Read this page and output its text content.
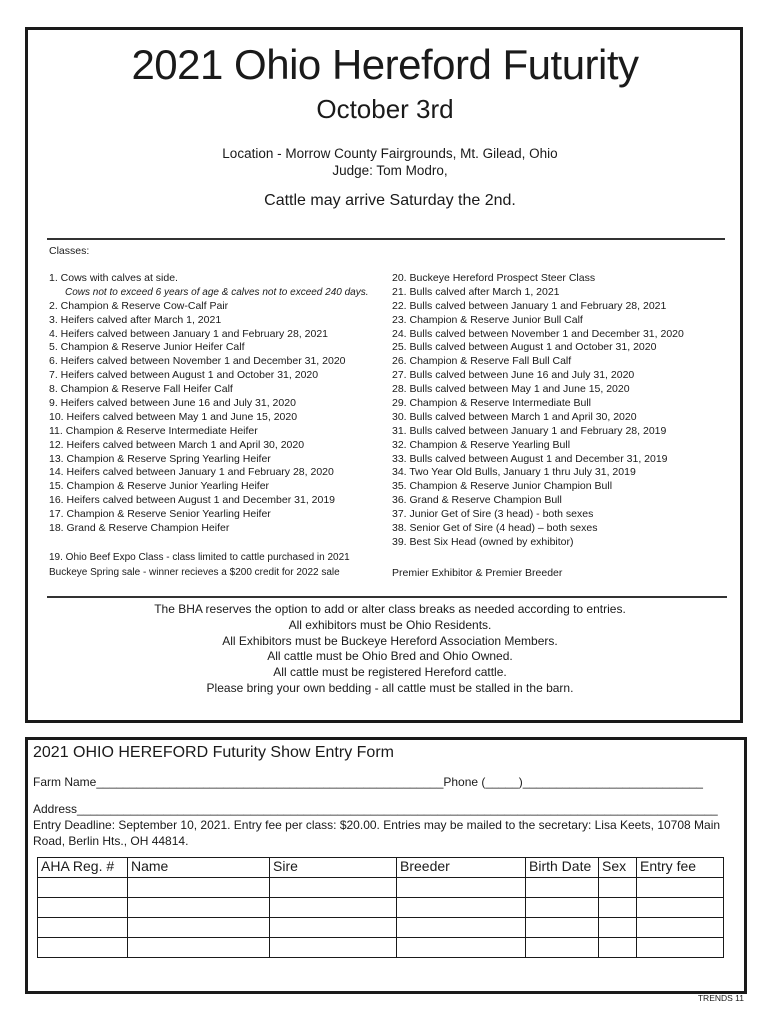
2021 Ohio Hereford Futurity
October 3rd
Location - Morrow County Fairgrounds, Mt. Gilead, Ohio
Judge: Tom Modro,
Cattle may arrive Saturday the 2nd.
Classes:
1. Cows with calves at side.
Cows not to exceed 6 years of age & calves not to exceed 240 days.
2. Champion & Reserve Cow-Calf Pair
3. Heifers calved after March 1, 2021
4. Heifers calved between January 1 and February 28, 2021
5. Champion & Reserve Junior Heifer Calf
6. Heifers calved between November 1 and December 31, 2020
7. Heifers calved between August 1 and October 31, 2020
8. Champion & Reserve Fall Heifer Calf
9. Heifers calved between June 16 and July 31, 2020
10. Heifers calved between May 1 and June 15, 2020
11. Champion & Reserve Intermediate Heifer
12. Heifers calved between March 1 and April 30, 2020
13. Champion & Reserve Spring Yearling Heifer
14. Heifers calved between January 1 and February 28, 2020
15. Champion & Reserve Junior Yearling Heifer
16. Heifers calved between August 1 and December 31, 2019
17. Champion & Reserve Senior Yearling Heifer
18. Grand & Reserve Champion Heifer
20. Buckeye Hereford Prospect Steer Class
21. Bulls calved after March 1, 2021
22. Bulls calved between January 1 and February 28, 2021
23. Champion & Reserve Junior Bull Calf
24. Bulls calved between November 1 and December 31, 2020
25. Bulls calved between August 1 and October 31, 2020
26. Champion & Reserve Fall Bull Calf
27. Bulls calved between June 16 and July 31, 2020
28. Bulls calved between May 1 and June 15, 2020
29. Champion & Reserve Intermediate Bull
30. Bulls calved between March 1 and April 30, 2020
31. Bulls calved between January 1 and February 28, 2019
32. Champion & Reserve Yearling Bull
33. Bulls calved between August 1 and December 31, 2019
34. Two Year Old Bulls, January 1 thru July 31, 2019
35. Champion & Reserve Junior Champion Bull
36. Grand & Reserve Champion Bull
37. Junior Get of Sire (3 head) - both sexes
38. Senior Get of Sire (4 head) – both sexes
39. Best Six Head (owned by exhibitor)
19. Ohio Beef Expo Class - class limited to cattle purchased in 2021
Buckeye Spring sale - winner recieves a $200 credit for 2022 sale	Premier Exhibitor & Premier Breeder
The BHA reserves the option to add or alter class breaks as needed according to entries.
All exhibitors must be Ohio Residents.
All Exhibitors must be Buckeye Hereford Association Members.
All cattle must be Ohio Bred and Ohio Owned.
All cattle must be registered Hereford cattle.
Please bring your own bedding - all cattle must be stalled in the barn.
2021 OHIO HEREFORD Futurity Show Entry Form
Farm Name____________________________________________________Phone (_____)___________________________
Address________________________________________________________________________________________________
Entry Deadline: September 10, 2021. Entry fee per class: $20.00. Entries may be mailed to the secretary: Lisa Keets, 10708 Main
Road, Berlin Hts., OH 44814.
AHA Reg. #	Name	Sire	Breeder	Birth Date	Sex	Entry fee

TRENDS 11
